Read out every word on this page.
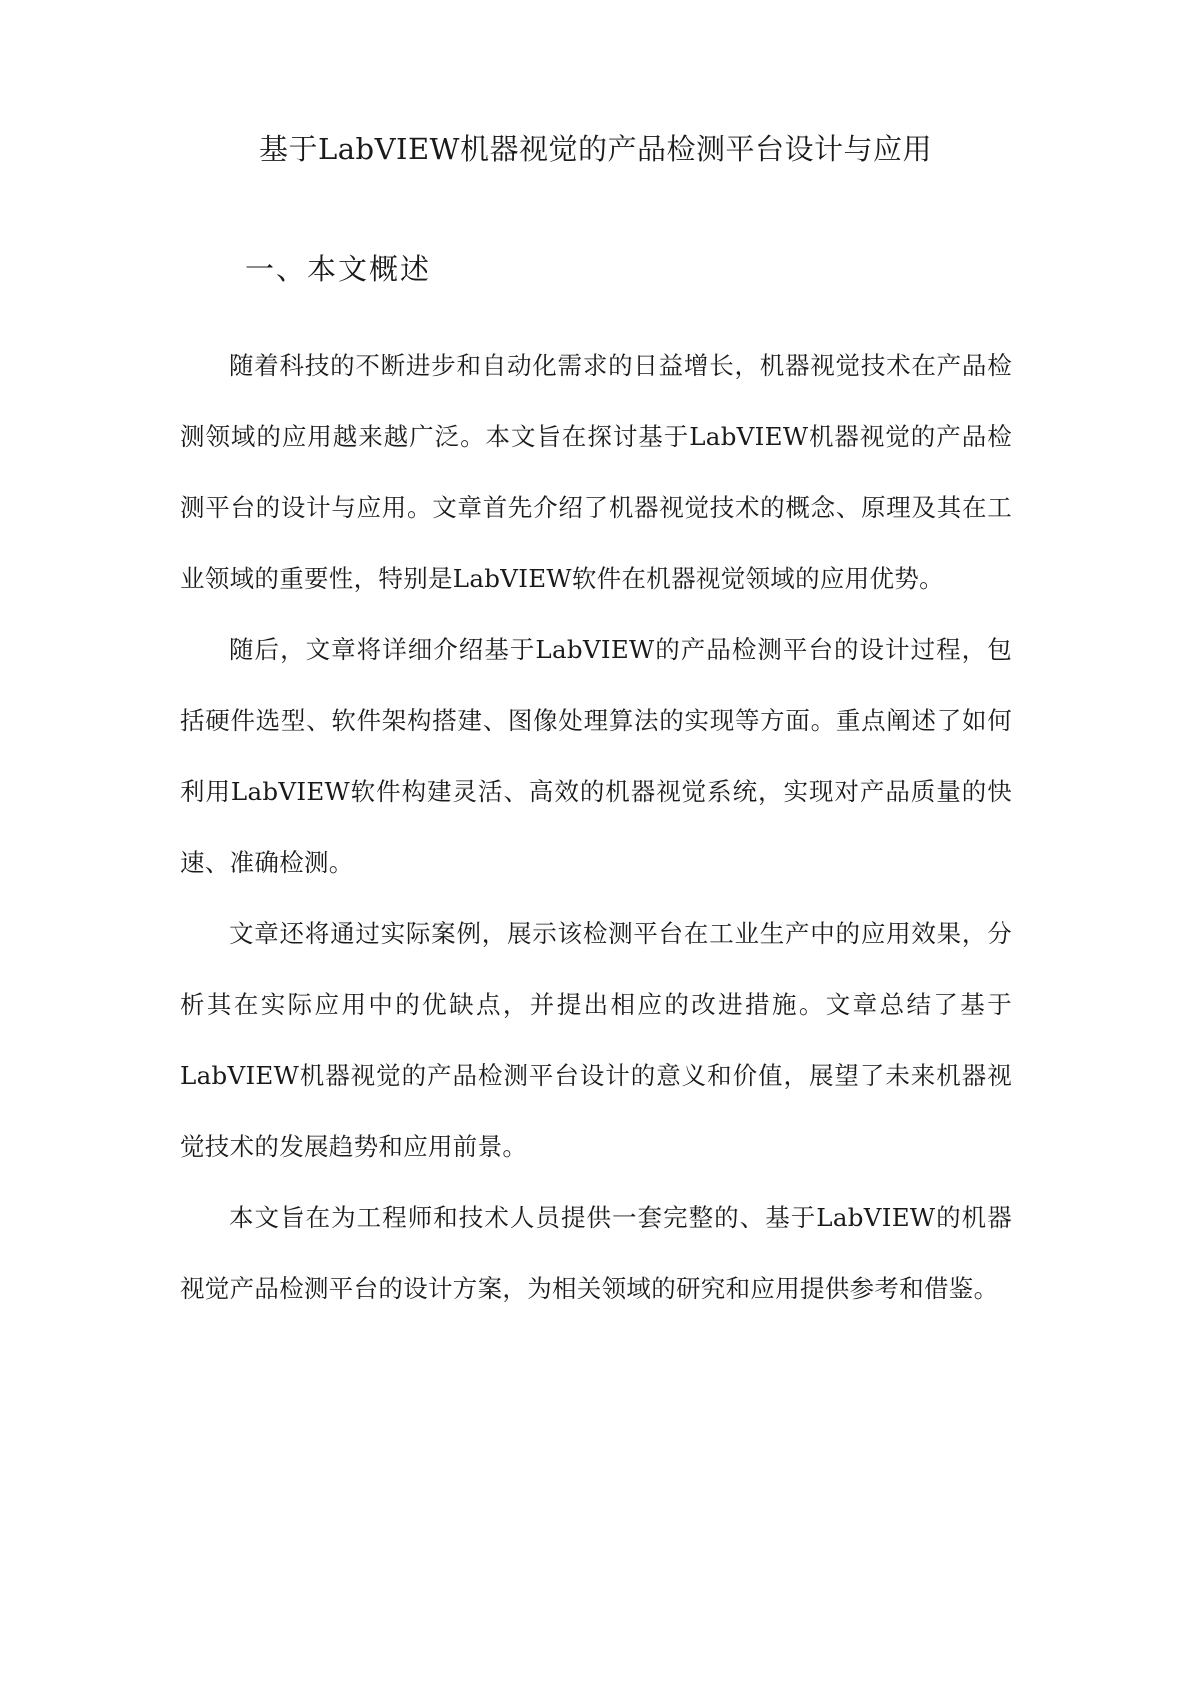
基于LabVIEW机器视觉的产品检测平台设计与应用
一、本文概述

随着科技的不断进步和自动化需求的日益增长，机器视觉技术在产品检测领域的应用越来越广泛。本文旨在探讨基于LabVIEW机器视觉的产品检测平台的设计与应用。文章首先介绍了机器视觉技术的概念、原理及其在工业领域的重要性，特别是LabVIEW软件在机器视觉领域的应用优势。

随后，文章将详细介绍基于LabVIEW的产品检测平台的设计过程，包括硬件选型、软件架构搭建、图像处理算法的实现等方面。重点阐述了如何利用LabVIEW软件构建灵活、高效的机器视觉系统，实现对产品质量的快速、准确检测。

文章还将通过实际案例，展示该检测平台在工业生产中的应用效果，分析其在实际应用中的优缺点，并提出相应的改进措施。文章总结了基于LabVIEW机器视觉的产品检测平台设计的意义和价值，展望了未来机器视觉技术的发展趋势和应用前景。

本文旨在为工程师和技术人员提供一套完整的、基于LabVIEW的机器视觉产品检测平台的设计方案，为相关领域的研究和应用提供参考和借鉴。
